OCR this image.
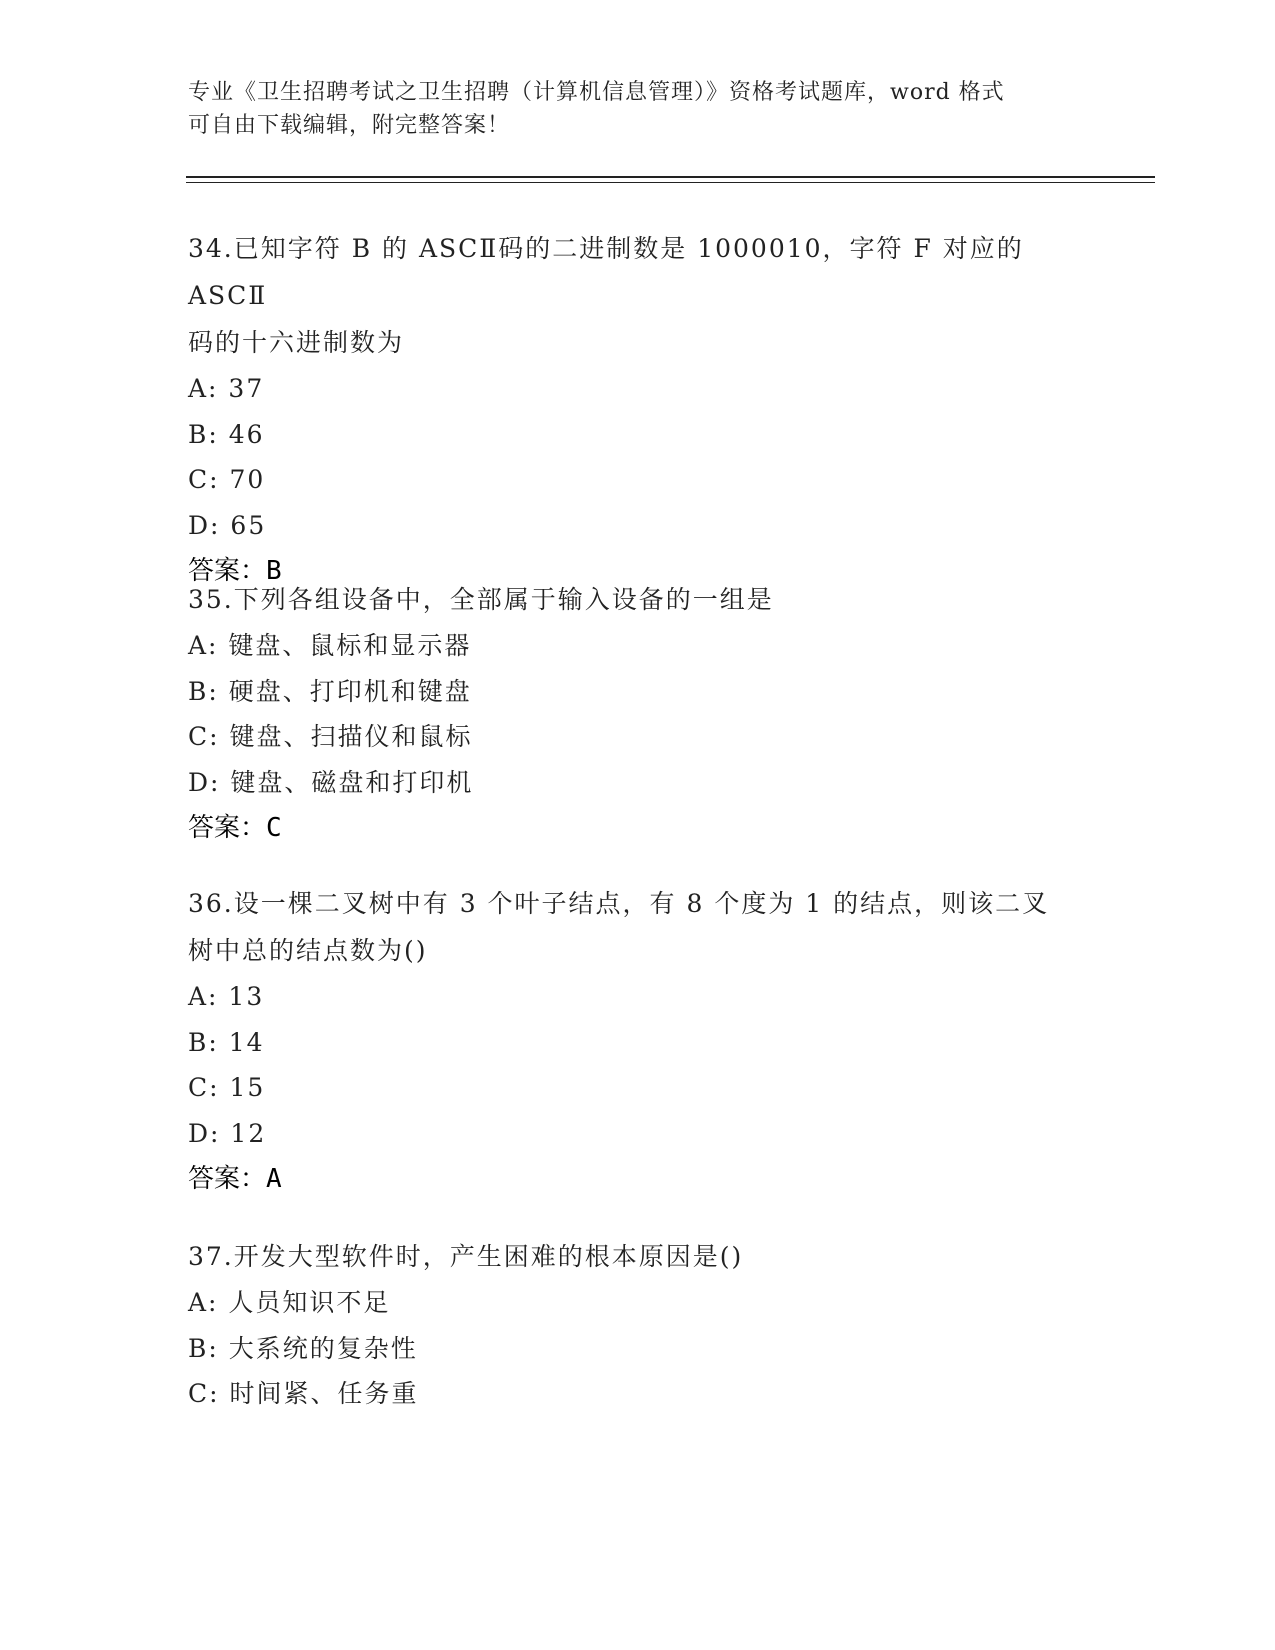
专业《卫生招聘考试之卫生招聘（计算机信息管理）》资格考试题库，word 格式
可自由下载编辑，附完整答案！
34.已知字符 B 的 ASCⅡ码的二进制数是 1000010，字符 F 对应的 ASCⅡ
码的十六进制数为
A: 37
B: 46
C: 70
D: 65
答案：B
35.下列各组设备中，全部属于输入设备的一组是
A: 键盘、鼠标和显示器
B: 硬盘、打印机和键盘
C: 键盘、扫描仪和鼠标
D: 键盘、磁盘和打印机
答案：C
36.设一棵二叉树中有 3 个叶子结点，有 8 个度为 1 的结点，则该二叉
树中总的结点数为()
A: 13
B: 14
C: 15
D: 12
答案：A
37.开发大型软件时，产生困难的根本原因是()
A: 人员知识不足
B: 大系统的复杂性
C: 时间紧、任务重
